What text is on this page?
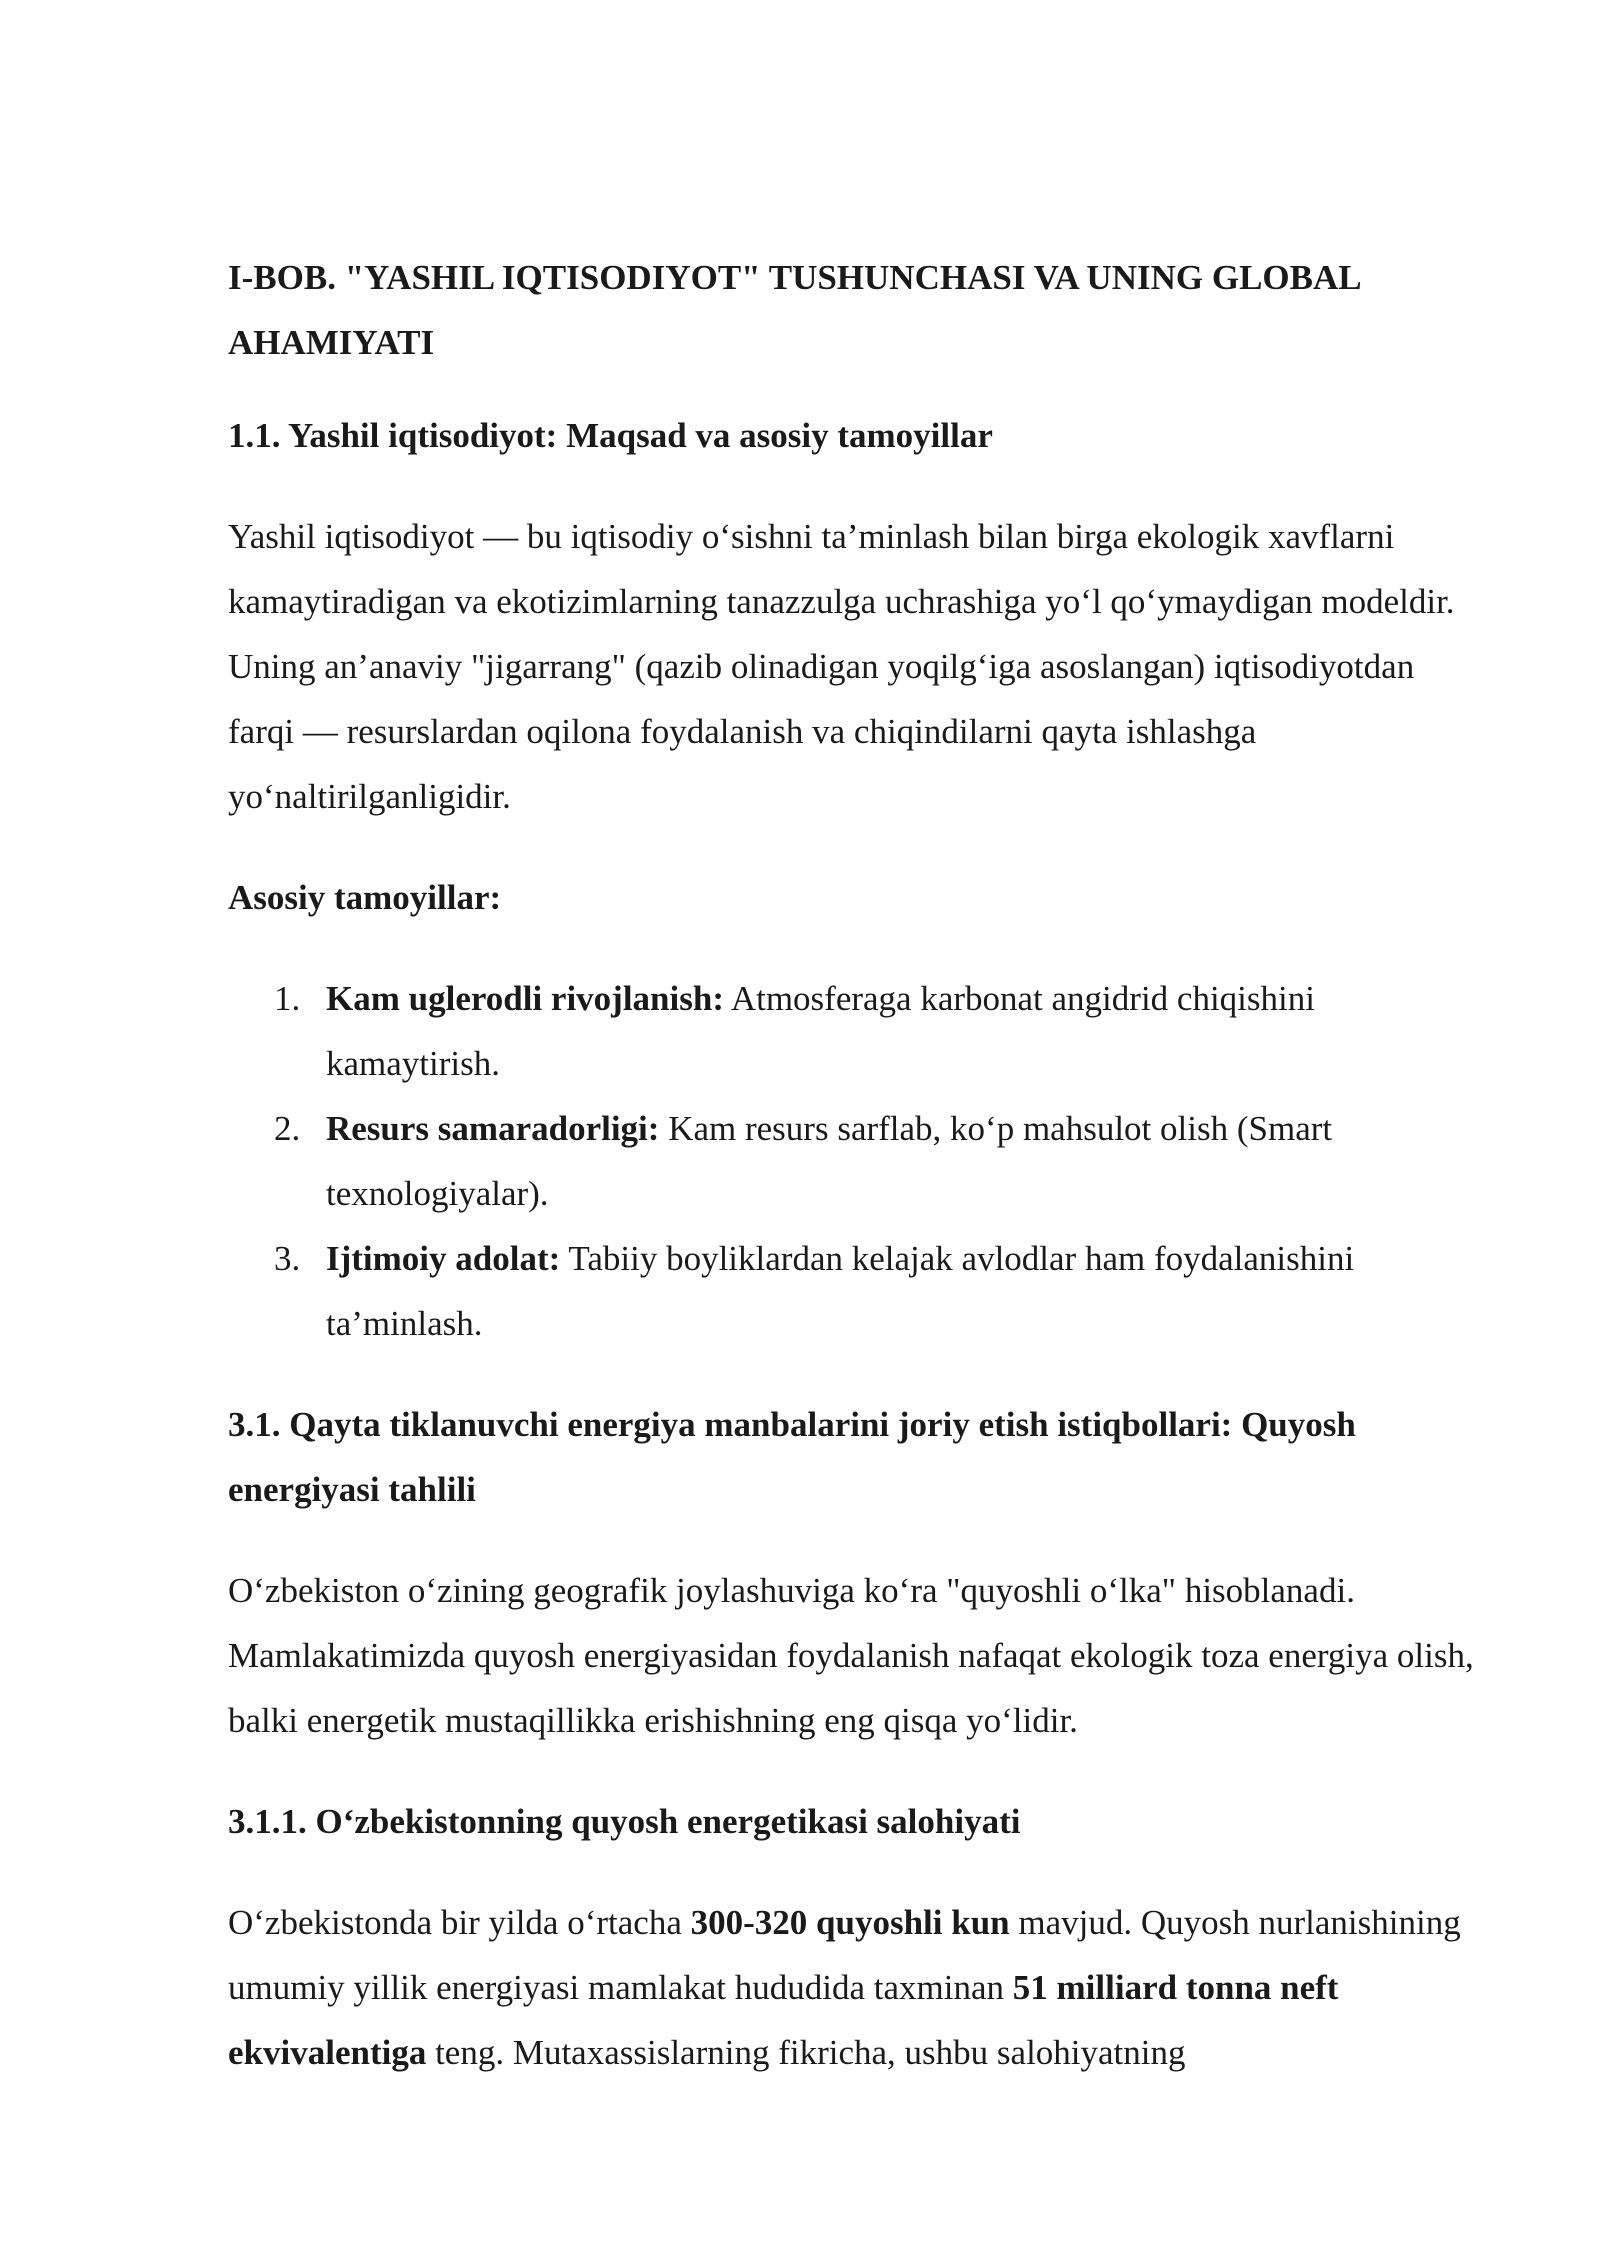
I-BOB. "YASHIL IQTISODIYOT" TUSHUNCHASI VA UNING GLOBAL AHAMIYATI
1.1. Yashil iqtisodiyot: Maqsad va asosiy tamoyillar
Yashil iqtisodiyot — bu iqtisodiy o‘sishni ta’minlash bilan birga ekologik xavflarni kamaytiradigan va ekotizimlarning tanazzulga uchrashiga yo‘l qo‘ymaydigan modeldir. Uning an’anaviy "jigarrang" (qazib olinadigan yoqilg‘iga asoslangan) iqtisodiyotdan farqi — resurslardan oqilona foydalanish va chiqindilarni qayta ishlashga yo‘naltirilganligidir.
Asosiy tamoyillar:
1. Kam uglerodli rivojlanish: Atmosferaga karbonat angidrid chiqishini kamaytirish.
2. Resurs samaradorligi: Kam resurs sarflab, ko‘p mahsulot olish (Smart texnologiyalar).
3. Ijtimoiy adolat: Tabiiy boyliklardan kelajak avlodlar ham foydalanishini ta’minlash.
3.1. Qayta tiklanuvchi energiya manbalarini joriy etish istiqbollari: Quyosh energiyasi tahlili
O‘zbekiston o‘zining geografik joylashuviga ko‘ra "quyoshli o‘lka" hisoblanadi. Mamlakatimizda quyosh energiyasidan foydalanish nafaqat ekologik toza energiya olish, balki energetik mustaqillikka erishishning eng qisqa yo‘lidir.
3.1.1. O‘zbekistonning quyosh energetikasi salohiyati
O‘zbekistonda bir yilda o‘rtacha 300-320 quyoshli kun mavjud. Quyosh nurlanishining umumiy yillik energiyasi mamlakat hududida taxminan 51 milliard tonna neft ekvivalentiga teng. Mutaxassislarning fikricha, ushbu salohiyatning
